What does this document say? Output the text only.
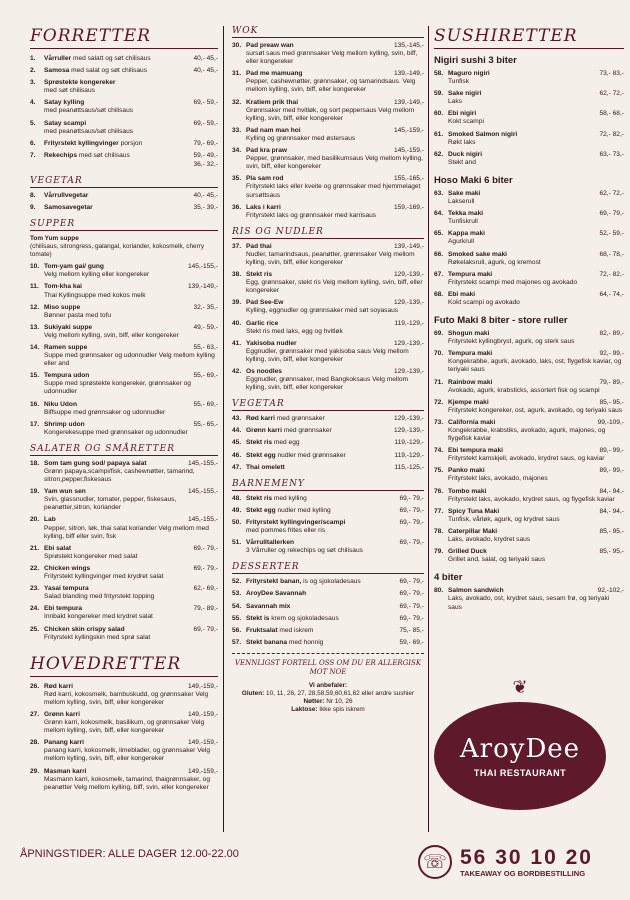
FORRETTER
1.	Vårruller med salatt og søt chilisaus	40,- 45,-
2.	Samosa med salat og søt chilisaus	40,- 45,-
3.	Sprøstekte kongereker
med søt chilisaus
4.	Satay kylling	69,- 59,-
med peanøttsaus/søt chilisaus
5.	Satay scampi	69,- 59,-
med peanøttsaus/søt chilisaus
6.	Frityrstekt kyllingvinger porsjon	79,- 69,-
7.	Rekechips med søt chilisaus	59,- 49,-
36,- 32,-
VEGETAR
8.	Vårrullvegetar	40,- 45,-
9.	Samosavegetar	35,- 39,-
SUPPER
Tom Yum suppe
(chilisaus, sitrongress, galangal, koriander, kokosmelk, cherry tomate)
10. Tom-yam gai/ gung	145,-155,-
Velg mellom kylling eller kongereker
11. Tom-kha kai	139,-149,-
Thai Kyllingsuppe med kokos melk
12. Miso suppe	32,- 35,-
Bønner pasta med tofu
13. Sukiyaki suppe	49,- 59,-
Velg mellom kylling, svin, biff, eller kongereker
14. Ramen suppe	55,- 63,-
Suppe med grønnsaker og udonnudler Velg mellom kylling eller and
15. Tempura udon	55,- 69,-
Suppe med sprøstekte kongereker, grønnsaker og udonnudler
16. Niku Udon	55,- 69,-
Biffsuppe med grønnsaker og udonnudler
17. Shrimp udon	55,- 65,-
Kongerekesuppe med grønnsaker og udonnudler
SALATER OG SMÅRETTER
18. Som tam gung sod/ papaya salat	145,-155,-
Grønn papaya,scampi/fisk, cashewnøtter, tamarind, sitron,pepper,fiskesaus
19. Yam wun sen	145,-155,-
Svin, glassnudler, tomater, pepper, fiskesaus, peanøtter,sitron, koriander
20. Lab	145,-155,-
Pepper, sitron, løk, thai salat koriander Velg mellom med kylling, biff eller svin, fisk
21. Ebi salat	69,- 79,-
Sprøstekt kongereker med salat
22. Chicken wings	69,- 79,-
Frityrstekt kyllingvinger med krydret salat
23. Yasai tempura	62,- 69,-
Salad blanding med frityrstekt topping
24. Ebi tempura	79,- 89,-
Innbakt kongereker med krydret salat
25. Chicken skin crispy salad	69,- 79,-
Frityrstekt kyllingskin med sprø salat
HOVEDRETTER
26. Rød karri	149,-159,-
Rød karri, kokosmelk, bambuskudd, og grønnsaker Velg mellom kylling, svin, biff, eller kongereker
27. Grønn karri	149,-159,-
Grønn karri, kokosmelk, basilikum, og grønnsaker Velg mellom kylling, svin, biff, eller kongereker
28. Panang karri	149,-159,-
panang karri, kokosmelk, limeblader, og grønnsaker Velg mellom kylling, svin, biff, eller kongereker
29. Masman karri	149,-159,-
Masmann karri, kokosmelk, tamarind, thaigrønnsaker, og peanøtter Velg mellom kylling, biff, svin, eller kongereker
WOK
30. Pad preaw wan	135,-145,-
sursøt saus med grønnsaker Velg mellom kylling, svin, biff, eller kongereker
31. Pad me mamuang	139,-149,-
Pepper, cashewnøtter, grønnsaker, og tamarindsaus. Velg mellom kylling, svin, biff, eller kongereker
32. Kratiem prik thai	139,-149,-
Grønnsaker med hvitløk, og sort peppersaus Velg mellom kylling, svin, biff, eller kongereker
33. Pad nam man hoi	145,-159,-
Kylling og grønnsaker med østersaus
34. Pad kra praw	145,-159,-
Pepper, grønnsaker, med basilikumsaus Velg mellom kylling, svin, biff, eller kongereker
35. Pla sam rod	155,-165,-
Frityrstekt laks eller kveite og grønnsaker med hjemmelaget sursøttsaus
36. Laks i karri	159,-169,-
Frityrstekt laks og grønnsaker med karrisaus
RIS OG NUDLER
37. Pad thai	139,-149,-
Nudler, tamarindsaus, peanøtter, grønnsaker Velg mellom kylling, svin, biff, eller kongereker
38. Stekt ris	129,-139,-
Egg, grønnsaker, stekt ris Velg mellom kylling, svin, biff, eller kongereker
39. Pad See-Ew	129,-139,-
Kylling, eggnudler og grønnsaker med søt soyasaus
40. Garlic rice	119,-129,-
Stekt ris med laks, egg og hvitløk
41. Yakisoba nudler	129,-139,-
Eggnudler, grønnsaker med yakisoba saus Velg mellom kylling, svin, biff, eller kongereker
42. Os noodles	129,-139,-
Eggnudler, grønnsaker, med Bangkoksaus Velg mellom kylling, svin, biff, eller kongereker
VEGETAR
43. Rød karri med grønnsaker	129,-139,-
44. Grønn karri med grønnsaker	129,-139,-
45. Stekt ris med egg	119,-129,-
46. Stekt egg nudler med grønnsaker	119,-129,-
47. Thai omelett	115,-125,-
BARNEMENY
48. Stekt ris med kylling	69,- 79,-
49. Stekt egg nudler med kylling	69,- 79,-
50. Frityrstekt kyllingvinger/scampi	69,- 79,-
med pommes frites eller ris
51. Vårrulltallerken	69,- 79,-
3 Vårruller og rekechips og søt chilisaus
DESSERTER
52. Frityrstekt banan, is og sjokoladesaus	69,- 79,-
53. AroyDee Savannah	69,- 79,-
54. Savannah mix	69,- 79,-
55. Stekt is krem og sjokoladesaus	69,- 79,-
56. Fruktsalat med iskrem	75,- 85,-
57. Stekt banana med honnig	59,- 69,-
VENNLIGST FORTELL OSS OM DU ER ALLERGISK MOT NOE
Vi anbefaler:
Gluten: 10, 11, 26, 27, 28,58,59,60,61,62 eller andre sushier
Nøtter: Nr 10, 26
Laktose: Ikke spis iskrem
SUSHIRETTER
Nigiri sushi 3 biter
58. Maguro nigiri	73,- 83,-
Tunfisk
59. Sake nigiri	62,- 72,-
Laks
60. Ebi nigiri	58,- 68,-
Kokt scampi
61. Smoked Salmon nigiri	72,- 82,-
Røkt laks
62. Duck nigiri	63,- 73,-
Stekt and
Hoso Maki 6 biter
63. Sake maki	62,- 72,-
Lakserull
64. Tekka maki	69,- 79,-
Tunfiskrull
65. Kappa maki	52,- 59,-
Agurkrull
66. Smoked sake maki	68,- 78,-
Røkelaksrull, agurk, og kremost
67. Tempura maki	72,- 82,-
Frityrstekt scampi med majones og avokado
68. Ebi maki	64,- 74,-
Kokt scampi og avokado
Futo Maki 8 biter - store ruller
69. Shogun maki	82,- 89,-
Frityrstekt kyllingbryst, agurk, og sterk saus
70. Tempura maki	92,- 99,-
Kongekrabbe, agurk, avokado, laks, ost, flygefisk kaviar, og teriyaki saus
71. Rainbow maki	79,- 89,-
Avokado, agurk, krabsticks, assortert fisk og scampi
72. Kjempe maki	85,- 95,-
Frityrstekt kongereker, ost, agurk, avokado, og teriyaki saus
73. California maki	99,-109,-
Kongekrabbe, krabstiks, avokado, agurk, majones, og flygefisk kaviar
74. Ebi tempura maki	89,- 99,-
Frityrstekt kamskjell, avokado, krydret saus, og kaviar
75. Panko maki	89,- 99,-
Frityrstekt laks, avokado, majones
76. Tombo maki	84,- 94,-
Frityrstekt laks, avokado, krydret saus, og flygefisk kaviar
77. Spicy Tuna Maki	84,- 94,-
Tunfisk, vårløk, agurk, og krydret saus
78. Caterpillar Maki	85,- 95,-
Laks, avokado, krydret saus
79. Grilled Duck	85,- 95,-
Grillet and, salat, og teriyaki saus
4 biter
80. Salmon sandwich	92,-102,-
Laks, avokado, ost, krydret saus, sesam frø, og teriyaki saus
ÅPNINGSTIDER: ALLE DAGER 12.00-22.00
❦
AroyDee
THAI RESTAURANT
☏ 56 30 10 20
TAKEAWAY OG BORDBESTILLING
